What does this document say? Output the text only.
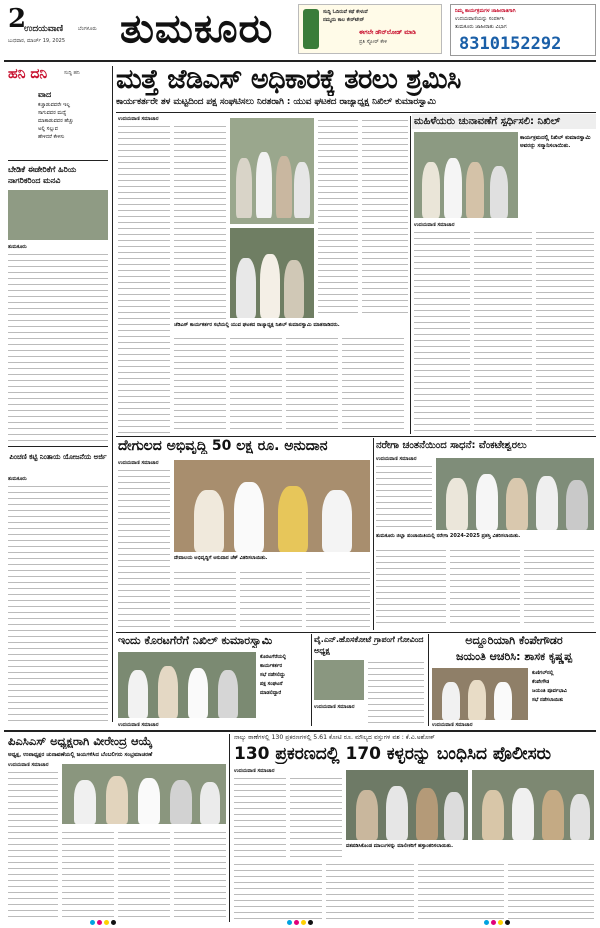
2
ಉದಯವಾಣಿ	ಬೆಂಗಳೂರು
ಬುಧವಾರ, ಮಾರ್ಚ್ 19, 2025 ತುಮಕೂರು	ಸುದ್ದಿ ಓದಿರುವೆ ಕಥೆ ಕೇಳುವೆ
ನಮ್ಮದು ಕಾಲ ಕೇರ್‌ಟೇನ್‌
ಈಗಲೇ ಡೌನ್‌ಲೋಡ್ ಮಾಡಿ
ಪ್ರತಿ ಸ್ಟೋರ್ ಕೇಳಿ
ನಿಮ್ಮ ಕಾರ್ಯಕ್ರಮಗಳ ಜಾಹೀರಾತಿಗಾಗಿ
ಉದಯವಾಣಿಯನ್ನು ಸಂಪರ್ಕಿಸಿ
ತುಮಕೂರು ಜಾಹೀರಾತು ವಿಭಾಗ
8310152292
ಹನಿ ದನಿ	ಸುದ್ದಿ ಹನಿ
ವಾದ
ಕಚ್ಚಾಡುವವರೇ ಇಲ್ಲ
ಸಾಗುವವರ ಮಧ್ಯೆ
ಮಾತಾಡುವವರ ಹೆಚ್ಚು
ಅಲ್ಲಿ ಸಲ್ಲುವ
ಹೇಳಿದರೆ ಕೇಳಿಸು
ಬೇಡಿಕೆ ಈಡೇರಿಕೆಗೆ ಹಿರಿಯ ನಾಗರಿಕರಿಂದ ಮನವಿ
ತುಮಕೂರು
ಪಿಂಚಣಿ ಕಟ್ಟಿ ನಿಂತಾಯ ಯೋಜನೆಯ ಅರ್ಜಿ
ತುಮಕೂರು
ಮತ್ತೆ ಜೆಡಿಎಸ್ ಅಧಿಕಾರಕ್ಕೆ ತರಲು ಶ್ರಮಿಸಿ
ಕಾರ್ಯಕರ್ತರೇ ತಳ ಮಟ್ಟದಿಂದ ಪಕ್ಷ ಸಂಘಟಿಸಲು ನಿರತರಾಗಿ : ಯುವ ಘಟಕದ ರಾಜ್ಯಾಧ್ಯಕ್ಷ ನಿಖಿಲ್ ಕುಮಾರಸ್ವಾಮಿ
ಉದಯವಾಣಿ ಸಮಾಚಾರ
ಜೆಡಿಎಸ್ ಕಾರ್ಯಕರ್ತರ ಸಭೆಯಲ್ಲಿ ಯುವ ಘಟಕದ ರಾಜ್ಯಾಧ್ಯಕ್ಷ ನಿಖಿಲ್ ಕುಮಾರಸ್ವಾಮಿ ಮಾತನಾಡಿದರು.
ಮಹಿಳೆಯರು ಚುನಾವಣೆಗೆ ಸ್ಪರ್ಧಿಸಲಿ: ನಿಖಿಲ್
ಕಾರ್ಯಕ್ರಮದಲ್ಲಿ ನಿಖಿಲ್ ಕುಮಾರಸ್ವಾಮಿ ಅವರನ್ನು ಸನ್ಮಾನಿಸಲಾಯಿತು.
ಉದಯವಾಣಿ ಸಮಾಚಾರ
ದೇಗುಲದ ಅಭಿವೃದ್ಧಿ 50 ಲಕ್ಷ ರೂ. ಅನುದಾನ
ಉದಯವಾಣಿ ಸಮಾಚಾರ
ದೇವಾಲಯ ಅಭಿವೃದ್ಧಿಗೆ ಅನುದಾನ ಚೆಕ್ ವಿತರಿಸಲಾಯಿತು.
ನರೇಗಾ ಚಂತನೆಯಿಂದ ಸಾಧನೆ: ವೆಂಕಟೇಶ್ವರಲು
ಉದಯವಾಣಿ ಸಮಾಚಾರ
ತುಮಕೂರು ಜಿಲ್ಲಾ ಪಂಚಾಯಿತಿಯಲ್ಲಿ ನರೇಗಾ 2024-2025 ಪ್ರಶಸ್ತಿ ವಿತರಿಸಲಾಯಿತು.
ಇಂದು ಕೊರಟಗೆರೆಗೆ ನಿಖಿಲ್ ಕುಮಾರಸ್ವಾಮಿ
ಕೊರಟಗೆರೆಯಲ್ಲಿ
ಕಾರ್ಯಕರ್ತರ
ಸಭೆ ನಡೆಸಲಿದ್ದು
ಪಕ್ಷ ಸಂಘಟನೆ
ಮಾಡಲಿದ್ದಾರೆ
ಉದಯವಾಣಿ ಸಮಾಚಾರ
ವೈ.ಎನ್.ಹೊಸಕೋಟೆ ಗ್ರಾಪಂಗೆ ಗೋವಿಂದ ಅಧ್ಯಕ್ಷ
ಉದಯವಾಣಿ ಸಮಾಚಾರ
ಅದ್ದೂರಿಯಾಗಿ ಕೆಂಪೇಗೌಡರ
ಜಯಂತಿ ಆಚರಿಸಿ: ಶಾಸಕ ಕೃಷ್ಣಪ್ಪ
ಕುಣಿಗಲ್‌ನಲ್ಲಿ
ಕೆಂಪೇಗೌಡ
ಜಯಂತಿ ಪೂರ್ವಭಾವಿ
ಸಭೆ ನಡೆಸಲಾಯಿತು
ಉದಯವಾಣಿ ಸಮಾಚಾರ
ಪಿಎಸಿಎಸ್‌ ಅಧ್ಯಕ್ಷರಾಗಿ ವೀರೇಂದ್ರ ಆಯ್ಕೆ
ಅಧ್ಯಕ್ಷ, ಉಪಾಧ್ಯಕ್ಷರ ಚುನಾವಣೆಯಲ್ಲಿ ಜಯಗಳಿಸಿದ ಬೆಂಬಲಿಗರು ಸಂಭ್ರಮಾಚರಣೆ
ಉದಯವಾಣಿ ಸಮಾಚಾರ
ನಾಲ್ಕು ಠಾಣೆಗಳಲ್ಲಿ 130 ಪ್ರಕರಣಗಳಲ್ಲಿ 5.61 ಕೋಟಿ ರೂ. ಮೌಲ್ಯದ ವಸ್ತುಗಳ ವಶ : ಕೆ.ವಿ.ಅಶೋಕ್
130 ಪ್ರಕರಣದಲ್ಲಿ 170 ಕಳ್ಳರನ್ನು ಬಂಧಿಸಿದ ಪೊಲೀಸರು
ಉದಯವಾಣಿ ಸಮಾಚಾರ
ವಶಪಡಿಸಿಕೊಂಡ ಮಾಲುಗಳನ್ನು ಮಾಲೀಕರಿಗೆ ಹಸ್ತಾಂತರಿಸಲಾಯಿತು.
